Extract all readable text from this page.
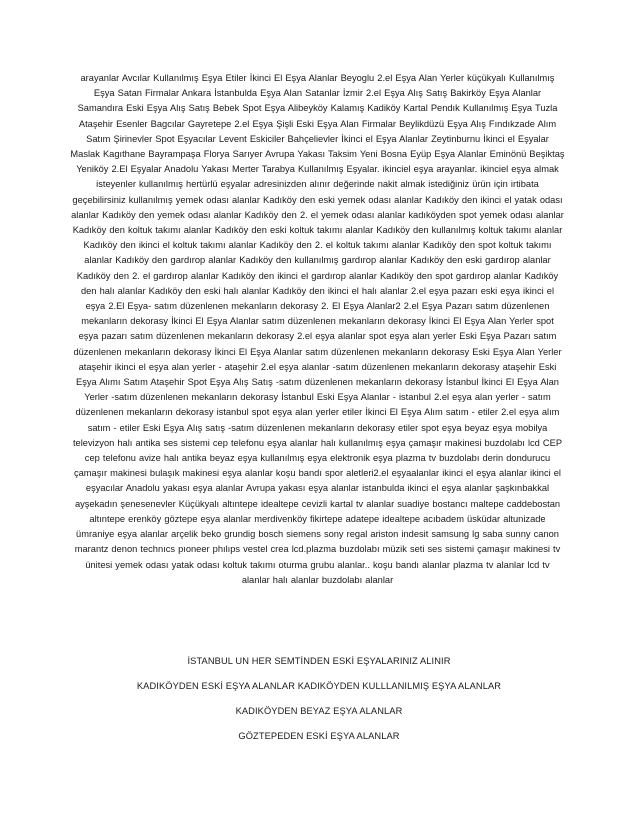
arayanlar Avcılar Kullanılmış Eşya Etiler İkinci El Eşya Alanlar Beyoglu 2.el Eşya Alan Yerler küçükyalı Kullanılmış Eşya Satan Firmalar Ankara İstanbulda Eşya Alan Satanlar İzmir 2.el Eşya Alış Satış Bakirköy Eşya Alanlar Samandıra Eski Eşya Alış Satış Bebek Spot Eşya Alibeyköy Kalamış Kadiköy Kartal Pendık Kullanılmış Eşya Tuzla Ataşehir Esenler Bagcılar Gayretepe 2.el Eşya Şişli Eski Eşya Alan Firmalar Beylikdüzü Eşya Alış Fındıkzade Alım Satım Şirinevler Spot Eşyacılar Levent Eskiciler Bahçelievler İkinci el Eşya Alanlar Zeytinburnu İkinci el Eşyalar Maslak Kagıthane Bayrampaşa Florya Sarıyer Avrupa Yakası Taksim Yeni Bosna Eyüp Eşya Alanlar Eminönü Beşiktaş Yeniköy 2.El Eşyalar Anadolu Yakası Merter Tarabya Kullanılmış Eşyalar. ikinciel eşya arayanlar. ikinciel eşya almak isteyenler kullanılmış hertürlü eşyalar adresinizden alınır değerinde nakit almak istediğiniz ürün için irtibata geçebilirsiniz kullanılmış yemek odası alanlar Kadıköy den eski yemek odası alanlar Kadıköy den ikinci el yatak odası alanlar Kadıköy den yemek odası alanlar Kadıköy den 2. el yemek odası alanlar kadıköyden spot yemek odası alanlar Kadıköy den koltuk takımı alanlar Kadıköy den eski koltuk takımı alanlar Kadıköy den kullanılmış koltuk takımı alanlar Kadıköy den ikinci el koltuk takımı alanlar Kadıköy den 2. el koltuk takımı alanlar Kadıköy den spot koltuk takımı alanlar Kadıköy den gardırop alanlar Kadıköy den kullanılmış gardırop alanlar Kadıköy den eski gardırop alanlar Kadıköy den 2. el gardırop alanlar Kadıköy den ikinci el gardırop alanlar Kadıköy den spot gardırop alanlar Kadıköy den halı alanlar Kadıköy den eski halı alanlar Kadıköy den ikinci el halı alanlar 2.el eşya pazarı eski eşya ikinci el eşya 2.El Eşya- satım düzenlenen mekanların dekorasy 2. El Eşya Alanlar2 2.el Eşya Pazarı satım düzenlenen mekanların dekorasy İkinci El Eşya Alanlar satım düzenlenen mekanların dekorasy İkinci El Eşya Alan Yerler spot eşya pazarı satım düzenlenen mekanların dekorasy 2.el eşya alanlar spot eşya alan yerler Eski Eşya Pazarı satım düzenlenen mekanların dekorasy İkinci El Eşya Alanlar satım düzenlenen mekanların dekorasy Eski Eşya Alan Yerler ataşehir ikinci el eşya alan yerler - ataşehir 2.el eşya alanlar -satım düzenlenen mekanların dekorasy ataşehir Eski Eşya Alımı Satım Ataşehir Spot Eşya Alış Satış -satım düzenlenen mekanların dekorasy İstanbul İkinci El Eşya Alan Yerler -satım düzenlenen mekanların dekorasy İstanbul Eski Eşya Alanlar - istanbul 2.el eşya alan yerler - satım düzenlenen mekanların dekorasy istanbul spot eşya alan yerler etiler İkinci El Eşya Alım satım - etiler 2.el eşya alım satım - etiler Eski Eşya Alış satış -satım düzenlenen mekanların dekorasy etiler spot eşya beyaz eşya mobilya televizyon halı antika ses sistemi cep telefonu eşya alanlar halı kullanılmış eşya çamaşır makinesi buzdolabı lcd CEP cep telefonu avize halı antika beyaz eşya kullanılmış eşya elektronik eşya plazma tv buzdolabı derin dondurucu çamaşır makinesi bulaşık makinesi eşya alanlar koşu bandı spor aletleri2.el eşyaalanlar ikinci el eşya alanlar ikinci el eşyacılar Anadolu yakası eşya alanlar Avrupa yakası eşya alanlar istanbulda ikinci el eşya alanlar şaşkınbakkal ayşekadın şenesenevler Küçükyalı altıntepe idealtepe cevizli kartal tv alanlar suadiye bostancı maltepe caddebostan altıntepe erenköy göztepe eşya alanlar merdivenköy fikirtepe adatepe idealtepe acıbadem üsküdar altunizade ümraniye eşya alanlar arçelik beko grundig bosch siemens sony regal ariston indesit samsung lg saba sunny canon marantz denon technıcs pıoneer phılıps vestel crea lcd.plazma buzdolabı müzik seti ses sistemi çamaşır makinesi tv ünitesi yemek odası yatak odası koltuk takımı oturma grubu alanlar.. koşu bandı alanlar plazma tv alanlar lcd tv alanlar halı alanlar buzdolabı alanlar

İSTANBUL UN HER SEMTİNDEN ESKİ EŞYALARINIZ ALINIR

KADIKÖYDEN ESKİ EŞYA ALANLAR KADIKÖYDEN KULLLANILMIŞ EŞYA ALANLAR

KADIKÖYDEN BEYAZ EŞYA ALANLAR

GÖZTEPEDEN ESKİ EŞYA ALANLAR
